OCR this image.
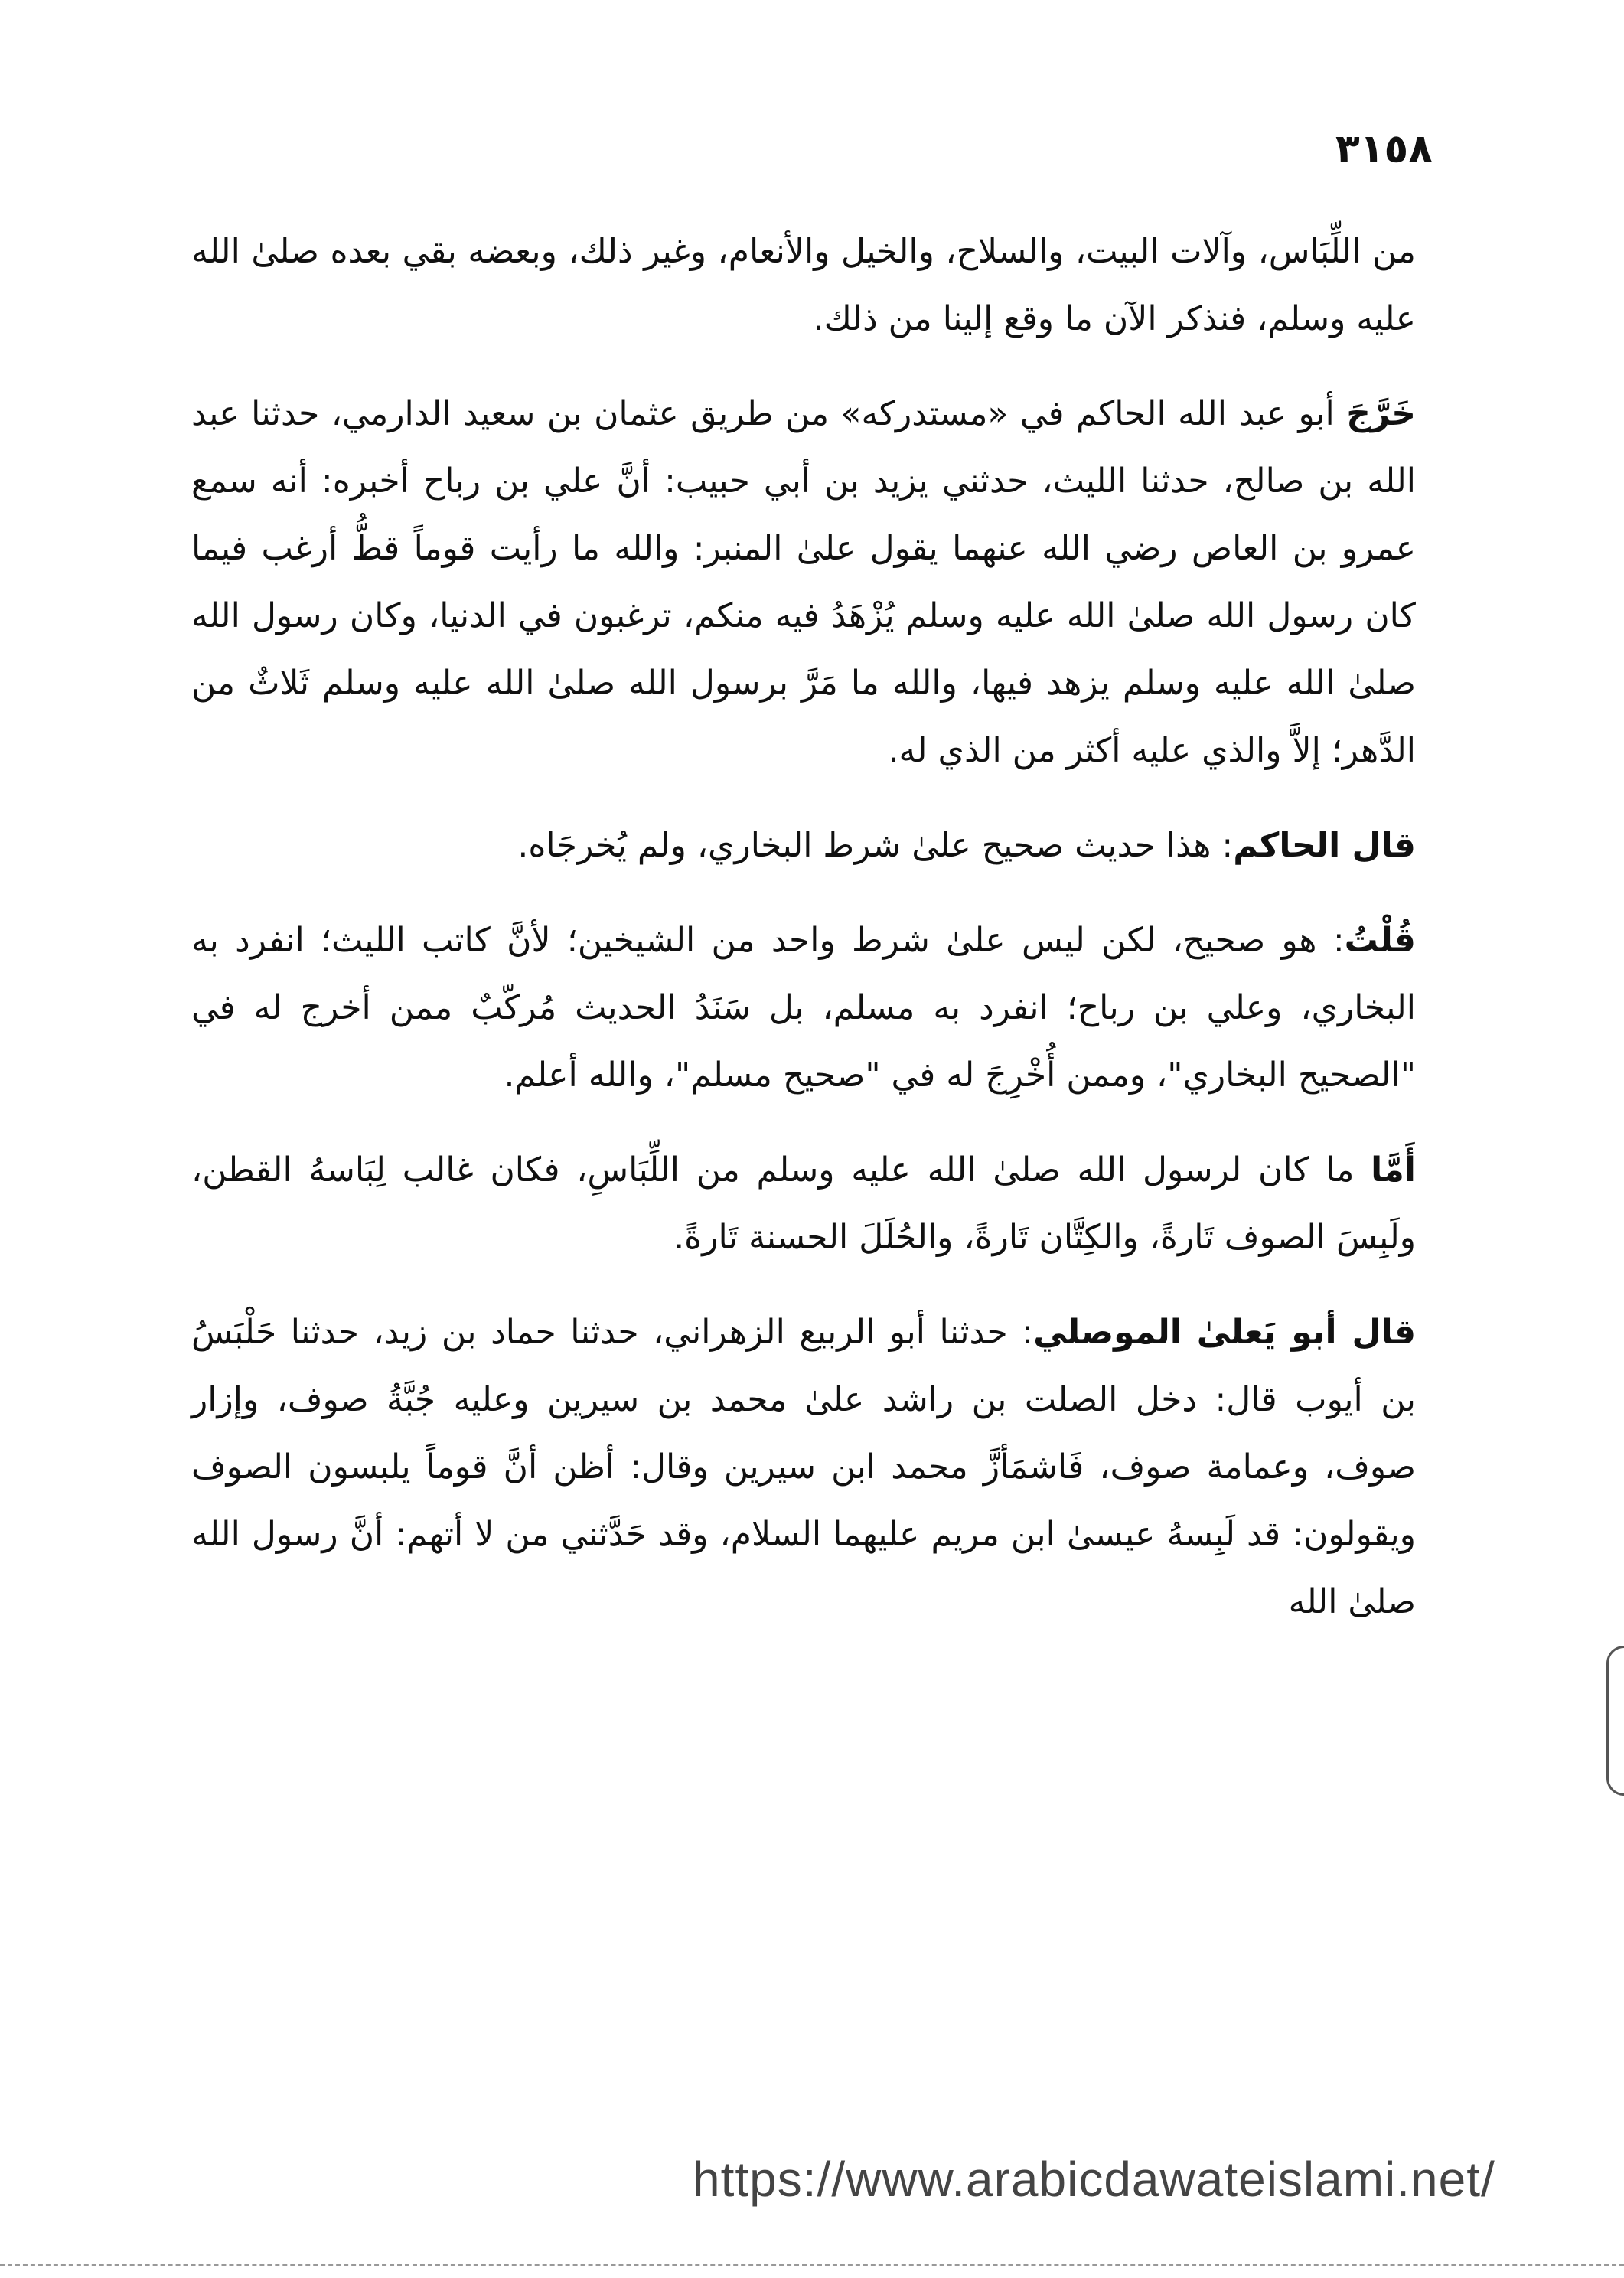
٣١٥٨

من اللِّبَاس، وآلات البيت، والسلاح، والخيل والأنعام، وغير ذلك، وبعضه بقي بعده صلىٰ الله عليه وسلم، فنذكر الآن ما وقع إلينا من ذلك.

خَرَّجَ أبو عبد الله الحاكم في «مستدركه» من طريق عثمان بن سعيد الدارمي، حدثنا عبد الله بن صالح، حدثنا الليث، حدثني يزيد بن أبي حبيب: أنَّ علي بن رباح أخبره: أنه سمع عمرو بن العاص رضي الله عنهما يقول علىٰ المنبر: والله ما رأيت قوماً قطُّ أرغب فيما كان رسول الله صلىٰ الله عليه وسلم يُزْهَدُ فيه منكم، ترغبون في الدنيا، وكان رسول الله صلىٰ الله عليه وسلم يزهد فيها، والله ما مَرَّ برسول الله صلىٰ الله عليه وسلم ثَلاثٌ من الدَّهر؛ إلاَّ والذي عليه أكثر من الذي له.

قال الحاكم: هذا حديث صحيح علىٰ شرط البخاري، ولم يُخرجَاه.

قُلْتُ: هو صحيح، لكن ليس علىٰ شرط واحد من الشيخين؛ لأنَّ كاتب الليث؛ انفرد به البخاري، وعلي بن رباح؛ انفرد به مسلم، بل سَنَدُ الحديث مُركّبٌ ممن أخرج له في "الصحيح البخاري"، وممن أُخْرِجَ له في "صحيح مسلم"، والله أعلم.

أَمَّا ما كان لرسول الله صلىٰ الله عليه وسلم من اللِّبَاسِ، فكان غالب لِبَاسهُ القطن، ولَبِسَ الصوف تَارةً، والكِتَّان تَارةً، والحُلَلَ الحسنة تَارةً.

قال أبو يَعلىٰ الموصلي: حدثنا أبو الربيع الزهراني، حدثنا حماد بن زيد، حدثنا حَلْبَسُ بن أيوب قال: دخل الصلت بن راشد علىٰ محمد بن سيرين وعليه جُبَّةُ صوف، وإزار صوف، وعمامة صوف، فَاشمَأزَّ محمد ابن سيرين وقال: أظن أنَّ قوماً يلبسون الصوف ويقولون: قد لَبِسهُ عيسىٰ ابن مريم عليهما السلام، وقد حَدَّثني من لا أتهم: أنَّ رسول الله صلىٰ الله

https://www.arabicdawateislami.net/
